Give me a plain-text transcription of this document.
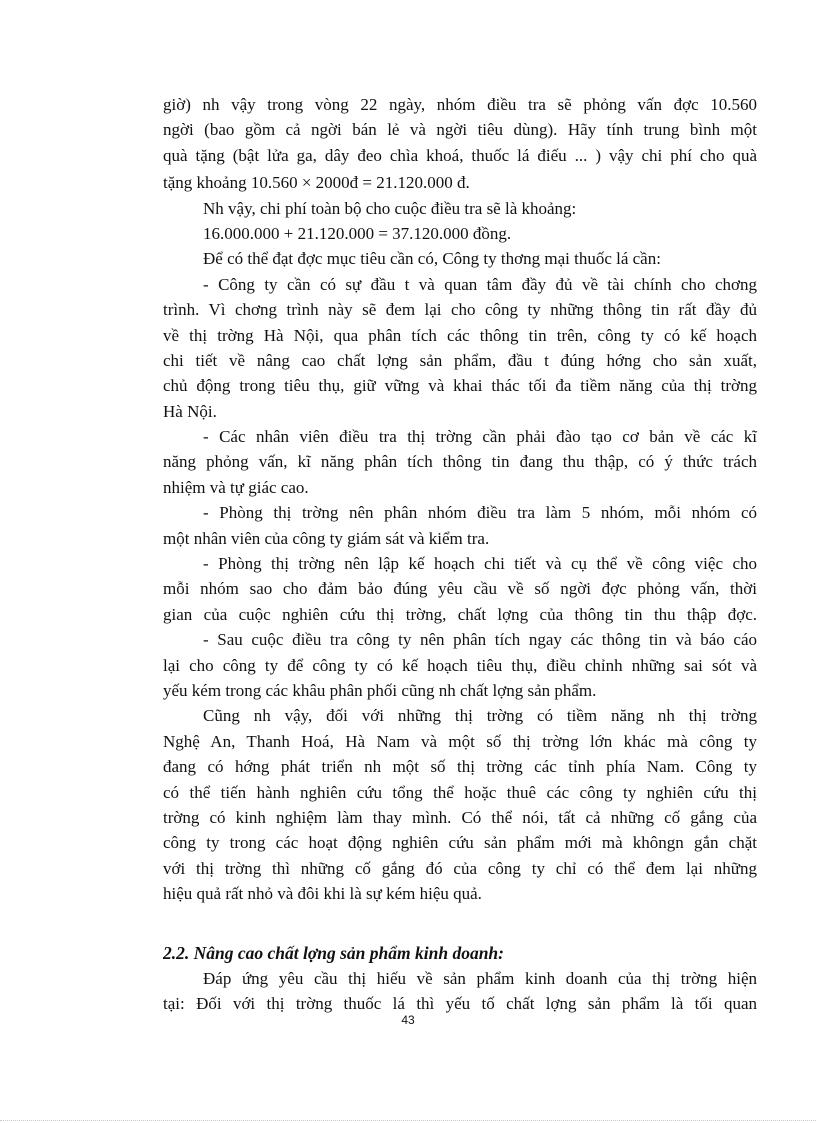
giờ) nh vậy trong vòng 22 ngày, nhóm điều tra sẽ phỏng vấn đợc 10.560
ngời (bao gồm cả ngời bán lẻ và ngời tiêu dùng). Hãy tính trung bình một
quà tặng (bật lửa ga, dây đeo chìa khoá, thuốc lá điếu ... ) vậy chi phí cho quà
tặng khoảng 10.560 × 2000đ = 21.120.000 đ.
Nh vậy, chi phí toàn bộ cho cuộc điều tra sẽ là khoảng:
16.000.000 + 21.120.000 = 37.120.000 đồng.
Để có thể đạt đợc mục tiêu cần có, Công ty thơng mại thuốc lá cần:
- Công ty cần có sự đầu t và quan tâm đầy đủ về tài chính cho chơng
trình. Vì chơng trình này sẽ đem lại cho công ty những thông tin rất đầy đủ
về thị trờng Hà Nội, qua phân tích các thông tin trên, công ty có kế hoạch
chi tiết về nâng cao chất lợng sản phẩm, đầu t đúng hớng cho sản xuất,
chủ động trong tiêu thụ, giữ vững và khai thác tối đa tiềm năng của thị trờng
Hà Nội.
- Các nhân viên điều tra thị trờng cần phải đào tạo cơ bản về các kĩ
năng phỏng vấn, kĩ năng phân tích thông tin đang thu thập, có ý thức trách
nhiệm và tự giác cao.
- Phòng thị trờng nên phân nhóm điều tra làm 5 nhóm, mỗi nhóm có
một nhân viên của công ty giám sát và kiểm tra.
- Phòng thị trờng nên lập kế hoạch chi tiết và cụ thể về công việc cho
mỗi nhóm sao cho đảm bảo đúng yêu cầu về số ngời đợc phỏng vấn, thời
gian của cuộc nghiên cứu thị trờng, chất lợng của thông tin thu thập đợc.
- Sau cuộc điều tra công ty nên phân tích ngay các thông tin và báo cáo
lại cho công ty để công ty có kế hoạch tiêu thụ, điều chỉnh những sai sót và
yếu kém trong các khâu phân phối cũng nh chất lợng sản phẩm.
Cũng nh vậy, đối với những thị trờng có tiềm năng nh thị trờng
Nghệ An, Thanh Hoá, Hà Nam và một số thị trờng lớn khác mà công ty
đang có hớng phát triển nh một số thị trờng các tỉnh phía Nam. Công ty
có thể tiến hành nghiên cứu tổng thể hoặc thuê các công ty nghiên cứu thị
trờng có kinh nghiệm làm thay mình. Có thể nói, tất cả những cố gắng của
công ty trong các hoạt động nghiên cứu sản phẩm mới mà khôngn gắn chặt
với thị trờng thì những cố gắng đó của công ty chỉ có thể đem lại những
hiệu quả rất nhỏ và đôi khi là sự kém hiệu quả.
2.2. Nâng cao chất lợng sản phẩm kinh doanh:
Đáp ứng yêu cầu thị hiếu về sản phẩm kinh doanh của thị trờng hiện
tại: Đối với thị trờng thuốc lá thì yếu tố chất lợng sản phẩm là tối quan
43
